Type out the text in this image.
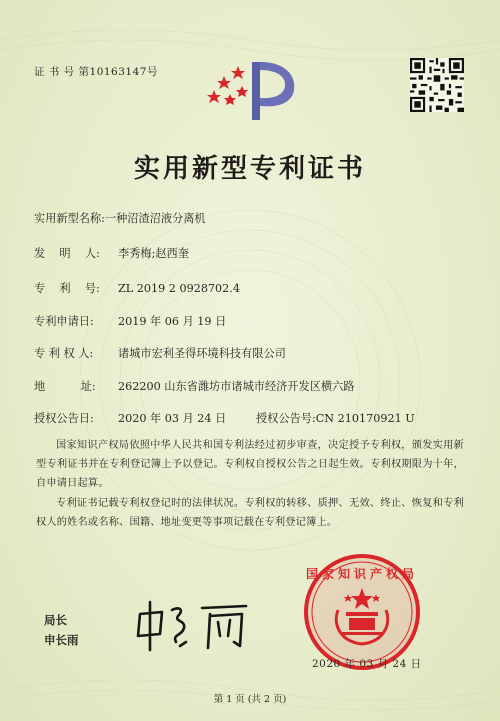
证 书 号 第10163147号
实用新型专利证书
实用新型名称:一种沼渣沼液分离机
发    明    人: 李秀梅;赵西奎
专    利    号: ZL 2019 2 0928702.4
专利申请日: 2019 年 06 月 19 日
专 利 权 人: 诸城市宏利圣得环境科技有限公司
地          址: 262200 山东省潍坊市诸城市经济开发区横六路
授权公告日: 2020 年 03 月 24 日	授权公告号:CN 210170921 U

国家知识产权局依照中华人民共和国专利法经过初步审查，决定授予专利权，颁发实用新型专利证书并在专利登记簿上予以登记。专利权自授权公告之日起生效。专利权期限为十年，自申请日起算。

专利证书记载专利权登记时的法律状况。专利权的转移、质押、无效、终止、恢复和专利权人的姓名或名称、国籍、地址变更等事项记载在专利登记簿上。

局长
申长雨
国家知识产权局
2020 年 03 月 24 日
第 1 页 (共 2 页)
